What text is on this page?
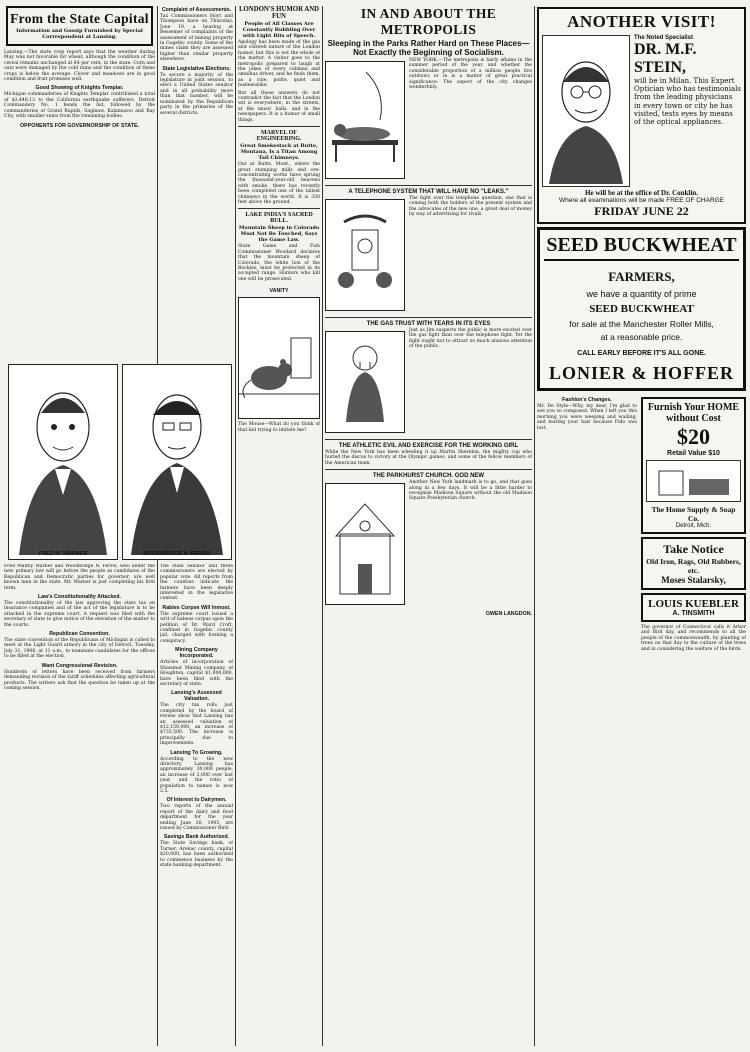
From the State Capital
Information and Gossip Furnished by Special Correspondent at Lansing.

Lansing.—The state crop report says that the weather during May was not favorable for wheat, although the condition of the cereal remains unchanged at 84 per cent. in the state. Corn and oats were damaged by the cold rains and the condition of these crops is below the average. Clover and meadows are in good condition and fruit promises well.

Good Showing of Knights Templar.

Michigan commanderies of Knights Templar contributed a total of $3,448.13 to the California earthquake sufferers. Detroit Commandery No. 1 heads the list, followed by the commanderies of Grand Rapids, Saginaw, Kalamazoo and Bay City, with smaller sums from the remaining bodies.

OPPONENTS FOR GOVERNORSHIP OF STATE.
FRED M. WARNER	WOODBRIDGE N. FERRIS

Fred Maltby Warner and Woodbridge N. Ferris, who under the new primary law will go before the people as candidates of the Republican and Democratic parties for governor, are well known men in the state. Mr. Warner is just completing his first term.

Law's Constitutionality Attacked.

The constitutionality of the law approving the state tax on insurance companies and of the act of the legislature is to be attacked in the supreme court. A request was filed with the secretary of state to give notice of the elevation of the matter to the courts.

Republican Convention.

The state convention of the Republicans of Michigan is called to meet at the Light Guard armory in the city of Detroit, Tuesday, July 31, 1906, at 11 a.m., to nominate candidates for the offices to be filled at the election.

Want Congressional Revision.

Hundreds of letters have been received from farmers demanding revision of the tariff schedules affecting agricultural products. The writers ask that the question be taken up at the coming session.

Complaint of Assessments.

Tax Commissioners Hoyt and Thompson have on Thursday, June 19, a hearing at Bessemer of complaints of the assessment of mining property in Gogebic county. Some of the mines claim they are assessed higher than similar property elsewhere.

State Legislative Elections.

To secure a majority of the legislature in joint session, to elect a United States senator and in all probability more than that number, will be nominated by the Republican party in the primaries of the several districts.

The state senator and three commissioners are elected by popular vote. All reports from the counties indicate the farmers have been deeply interested in the legislative contest.

Rabies Corpse Will Inmost.

The supreme court issued a writ of habeas corpus upon the petition of Dr. Ward Croft, confined in Gogebic county jail, charged with forming a conspiracy.

Mining Company Incorporated.

Articles of incorporation of Shawmut Mining company, of Houghton, capital $1,000,000, have been filed with the secretary of state.

Lansing's Assessed Valuation.

The city tax rolls just completed by the board of review show that Lansing has an assessed valuation of $12,150,000, an increase of $733,500. The increase is principally due to improvements.

Lansing To Growing.

According to the new directory, Lansing has approximately 30,000 people, an increase of 2,000 over last year, and the ratio of population to names is now 2.5.

Of Interest to Dairymen.

Two reports of the annual report of the dairy and food department for the year ending June 30, 1905, are issued by Commissioner Bird.

Savings Bank Authorized.

The State Savings bank, of Turner, Arenac county, capital $20,000, has been authorized to commence business by the state banking department.

LONDON'S HUMOR AND FUN
People of All Classes Are Constantly Bubbling Over with Light Bits of Speech.

Apology has been made of the gas and cobweb nature of the London humor, but this is not the whole of the matter. A visitor goes to the metropolis prepared to laugh at the jokes of every cabman and omnibus driver, and he finds them, as a rule, polite, quiet and businesslike.

But all these answers do not contradict the fact that the London wit is everywhere, in the streets, at the music halls, and in the newspapers. It is a humor of small things.

MARVEL OF ENGINEERING.
Great Smokestack at Butte, Montana, Is a Titan Among Tall Chimneys.

Out at Butte, Mont., where the great stamping mills and ore-concentrating works have sprung the thousand-year-old heavens with smoke, there has recently been completed one of the tallest chimneys in the world. It is 350 feet above the ground.

LAKE INDIA'S SACRED BULL.
Mountain Sheep in Colorado Must Not Be Touched, Says the Game Law.

State Game and Fish Commissioner Woodard declares that the mountain sheep of Colorado, the white lion of the Rockies, must be protected in its accepted range. Hunters who kill one will be prosecuted.

VANITY

The Mouse—What do you think of that kid trying to imitate me?

IN AND ABOUT THE METROPOLIS
Sleeping in the Parks Rather Hard on These Places—Not Exactly the Beginning of Socialism.

NEW YORK.—The metropolis is fairly aflame in the summer period of the year, and whether the considerable proportion of a million people live outdoors or in is a matter of great practical significance. The aspect of the city changes wonderfully.

A TELEPHONE SYSTEM THAT WILL HAVE NO "LEAKS."

The fight over the telephone question, one that is coming both the holders of the present system and the advocates of the new one, a great deal of money by way of advertising for rivals.

THE GAS TRUST WITH TEARS IN ITS EYES

Just as Jim suspects the public is more excited over the gas fight than over the telephone fight. Yet the fight ought not to attract so much anxious attention of the public.

THE ATHLETIC EVIL AND EXERCISE FOR THE WORKING GIRL

While the New York has been wheeling it up Martin Sheridan, the mighty cop who hurled the discus to victory at the Olympic games, and some of the fellow members of the American team.

THE PARKHURST CHURCH. GOD NEW

Another New York landmark is to go, and that goes along in a few days. It will be a little harder to recognize Madison Square without the old Madison Square Presbyterian church.

OWEN LANGDON.
ANOTHER VISIT!
The Noted Specialist
DR. M.F. STEIN,

will be in Milan. This Expert Optician who has testimonials from the leading physicians in every town or city he has visited, tests eyes by means of the optical appliances.

He will be at the office of Dr. Conklin.
Where all examinations will be made FREE OF CHARGE
FRIDAY JUNE 22
SEED BUCKWHEAT
FARMERS,
we have a quantity of prime
SEED BUCKWHEAT
for sale at the Manchester Roller Mills,
at a reasonable price.
CALL EARLY BEFORE IT'S ALL GONE.
LONIER & HOFFER
Fashion's Changes.

Mr. De Style—Why, my dear, I'm glad to see you so composed. When I left you this morning you were weeping and wailing, and tearing your hair because Fido was lost.

Furnish Your HOME without Cost
$20
Retail Value $10
The Home Supply & Soap Co.
Detroit, Mich.
Take Notice
Old Iron, Rags, Old Rubbers, etc.
Moses Stalarsky,
LOUIS KUEBLER
A. TINSMITH

The governor of Connecticut calls it Arbor and Bird day, and recommends to all the people of the commonwealth, by planting of trees on that day to the culture of the trees and in considering the welfare of the birds.
